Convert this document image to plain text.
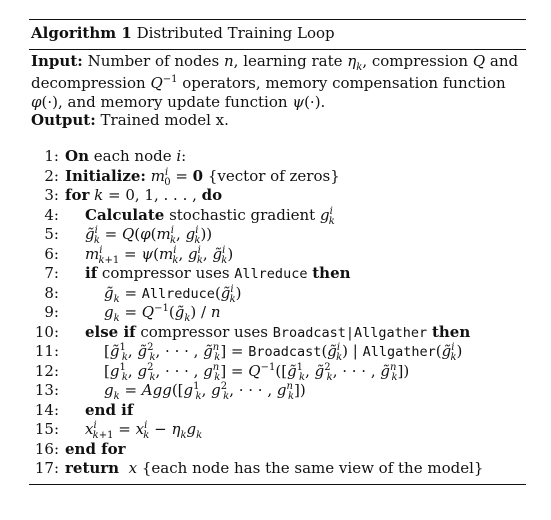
Algorithm 1 Distributed Training Loop

Input: Number of nodes n, learning rate $\eta_k$, compression Q and decompression $Q^{-1}$ operators, memory compensation function φ(·), and memory update function ψ(·).

Output: Trained model x.

1: On each node i:
2: Initialize: $m^i_0 = 0$ {vector of zeros}
3: for k = 0, 1, . . . , do
4:	Calculate stochastic gradient $g^i_k$
5:	g̃$^i_k$ = $Q(\varphi(m^i_k$, $g^i_k$))
6:	$m^i_{k+1} = \psi(m^i_k$, $g^i_k$, g̃$^i_k$)
7:	if compressor uses Allreduce then
8:	$g̃_k$ = Allreduce(g̃$^i_k$)
9:	$g_k$ = $Q^{-1}(g̃_k)$ / n
10:	else if compressor uses Broadcast|Allgather then
11:	[g̃$^1_k$, g̃$^2_k$, · · · , g̃$^n_k$] = Broadcast(g̃$^i_k$) | Allgather(g̃$^i_k$)
12:	[$g^1_k$, $g^2_k$, · · · , $g^n_k$] = $Q^{-1}([g̃^1_k$, g̃$^2_k$, · · · , g̃$^n_k$])
13:	$g_k = Agg([g^1_k$, $g^2_k$, · · · , $g^n_k$])
14:	end if
15:	$x^i_{k+1} = x^i_k - \eta_kg_k$
16: end for
17: return x {each node has the same view of the model}
